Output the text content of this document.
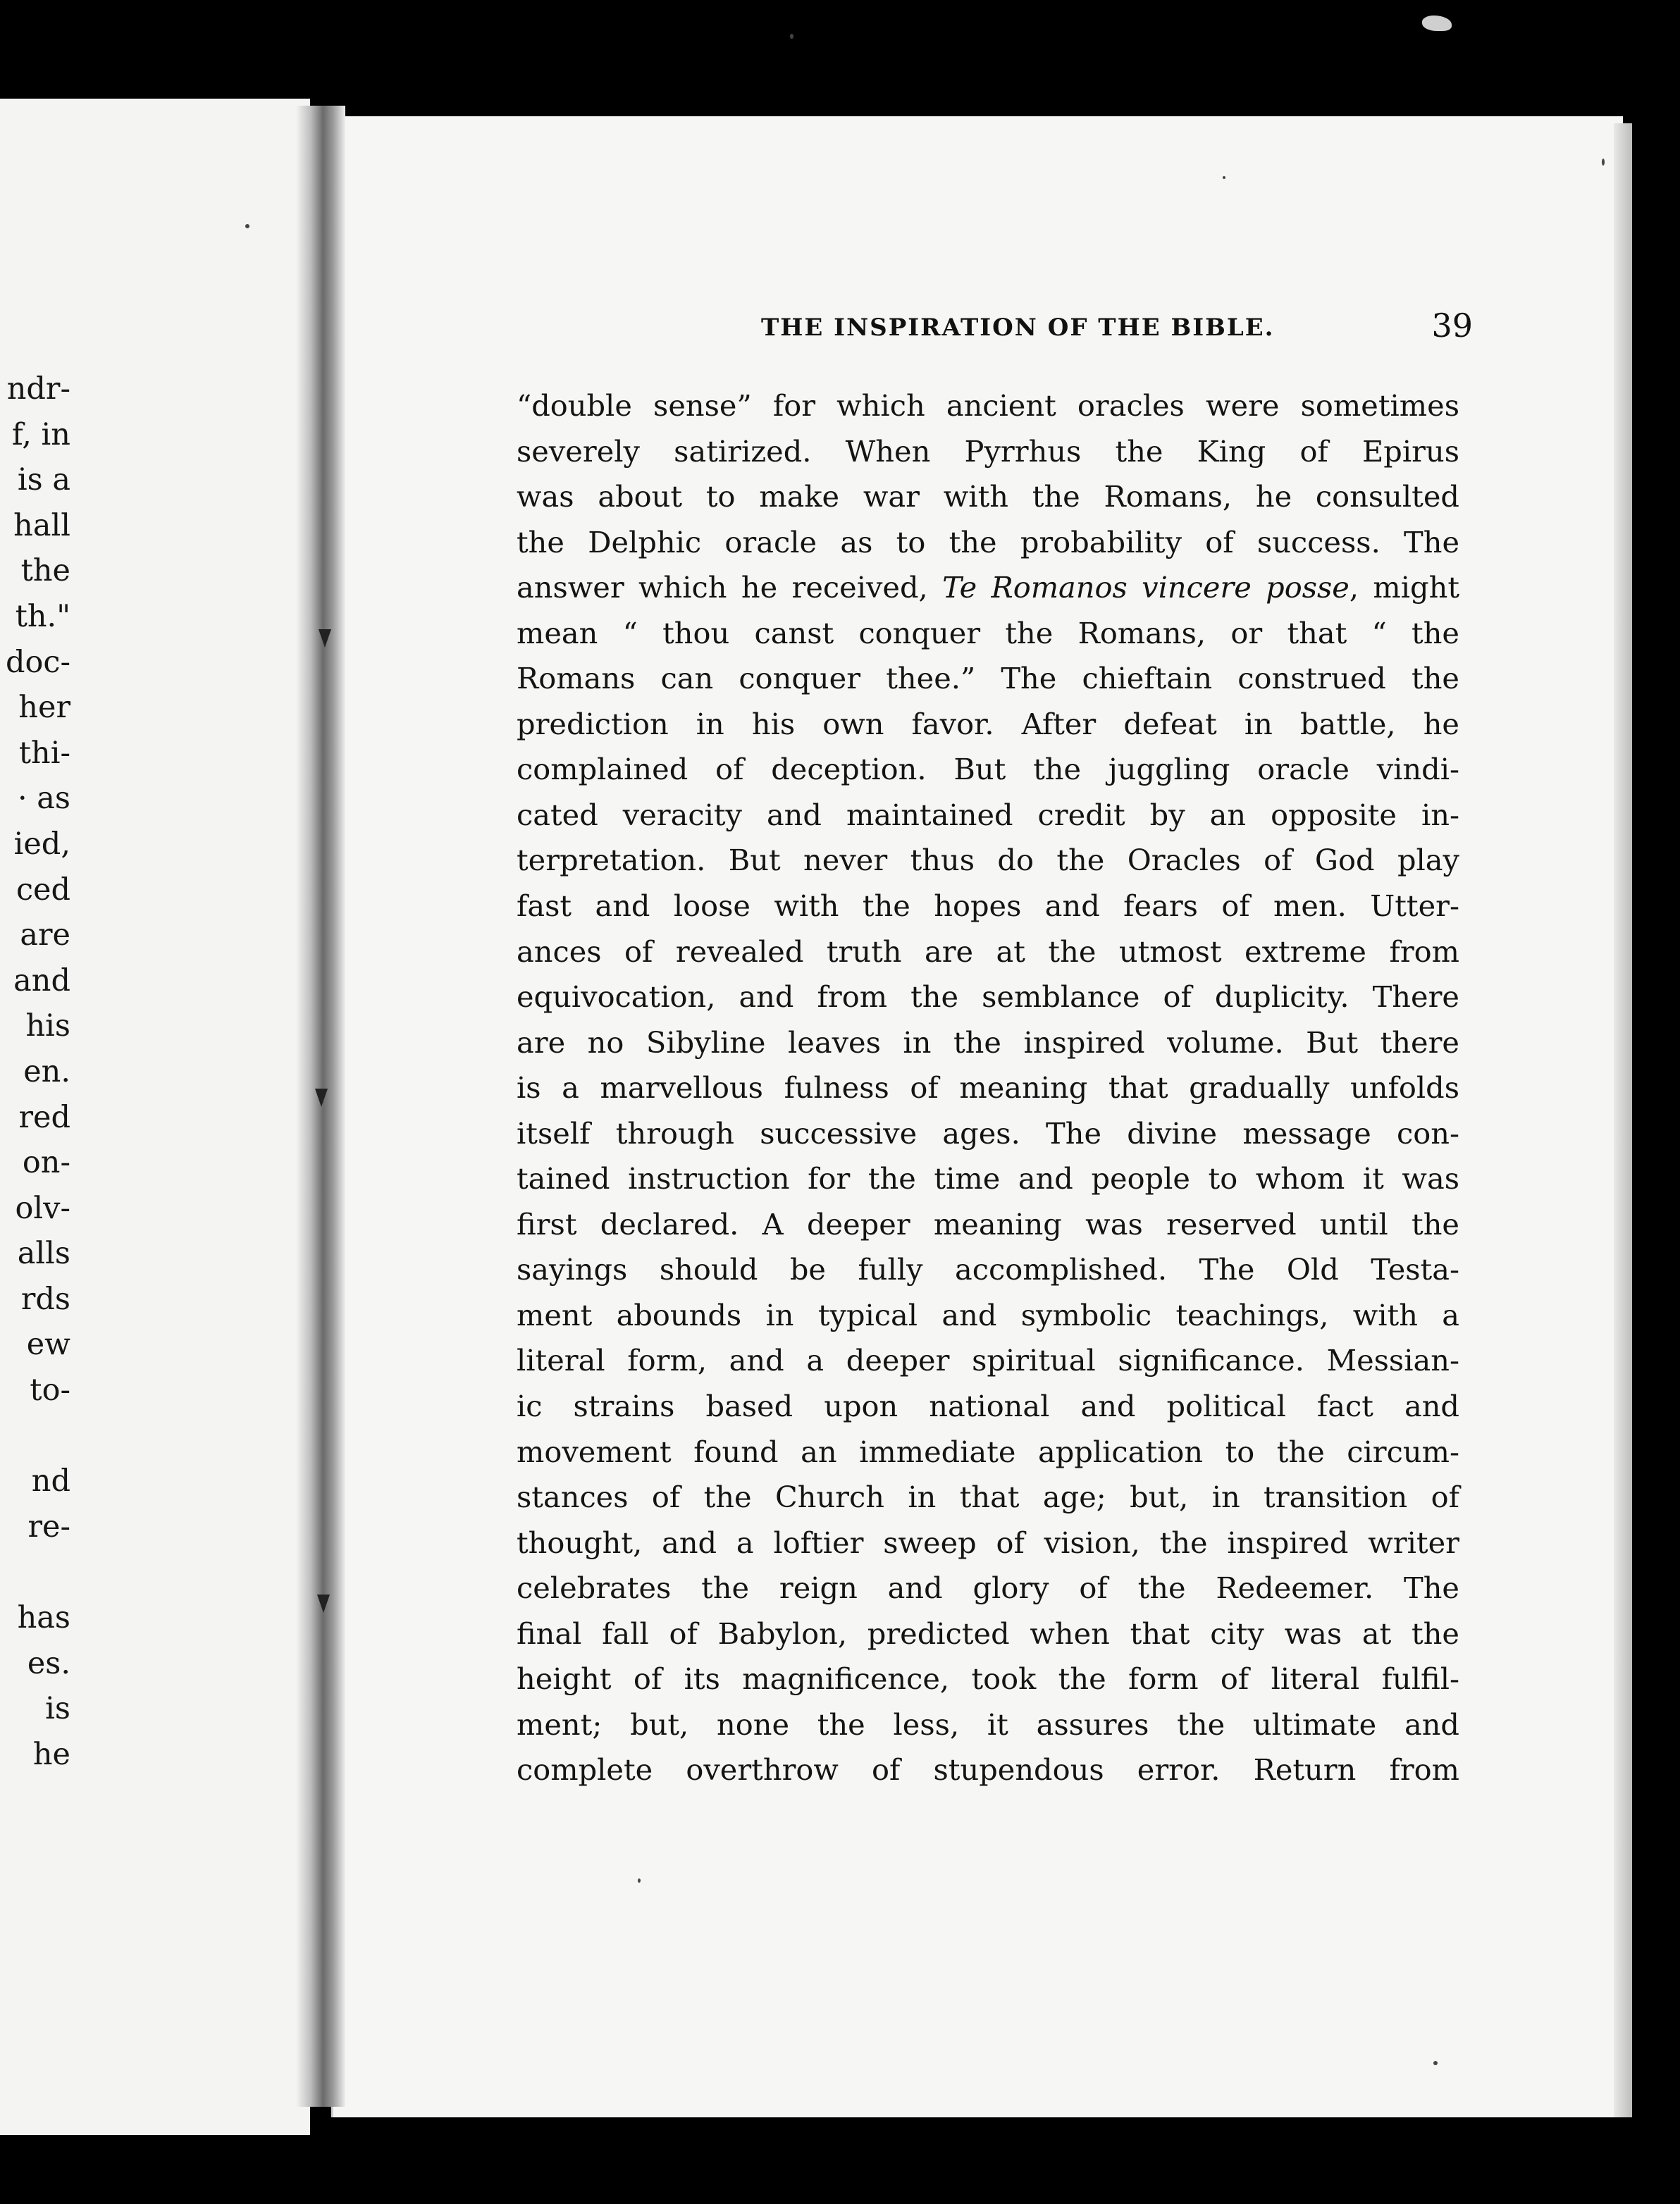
ndr-
f, in
is a
hall
the
th."
doc-
her
thi-
· as
ied,
ced
are
and
his
en.
red
on-
olv-
alls
rds
ew
to-
nd
re-
has
es.
is
he
THE INSPIRATION OF THE BIBLE.	39
“double sense” for which ancient oracles were sometimes
severely satirized. When Pyrrhus the King of Epirus
was about to make war with the Romans, he consulted
the Delphic oracle as to the probability of success. The
answer which he received, Te Romanos vincere posse, might
mean “ thou canst conquer the Romans, or that “ the
Romans can conquer thee.” The chieftain construed the
prediction in his own favor. After defeat in battle, he
complained of deception. But the juggling oracle vindi-
cated veracity and maintained credit by an opposite in-
terpretation. But never thus do the Oracles of God play
fast and loose with the hopes and fears of men. Utter-
ances of revealed truth are at the utmost extreme from
equivocation, and from the semblance of duplicity. There
are no Sibyline leaves in the inspired volume. But there
is a marvellous fulness of meaning that gradually unfolds
itself through successive ages. The divine message con-
tained instruction for the time and people to whom it was
first declared. A deeper meaning was reserved until the
sayings should be fully accomplished. The Old Testa-
ment abounds in typical and symbolic teachings, with a
literal form, and a deeper spiritual significance. Messian-
ic strains based upon national and political fact and
movement found an immediate application to the circum-
stances of the Church in that age; but, in transition of
thought, and a loftier sweep of vision, the inspired writer
celebrates the reign and glory of the Redeemer. The
final fall of Babylon, predicted when that city was at the
height of its magnificence, took the form of literal fulfil-
ment; but, none the less, it assures the ultimate and
complete overthrow of stupendous error. Return from
